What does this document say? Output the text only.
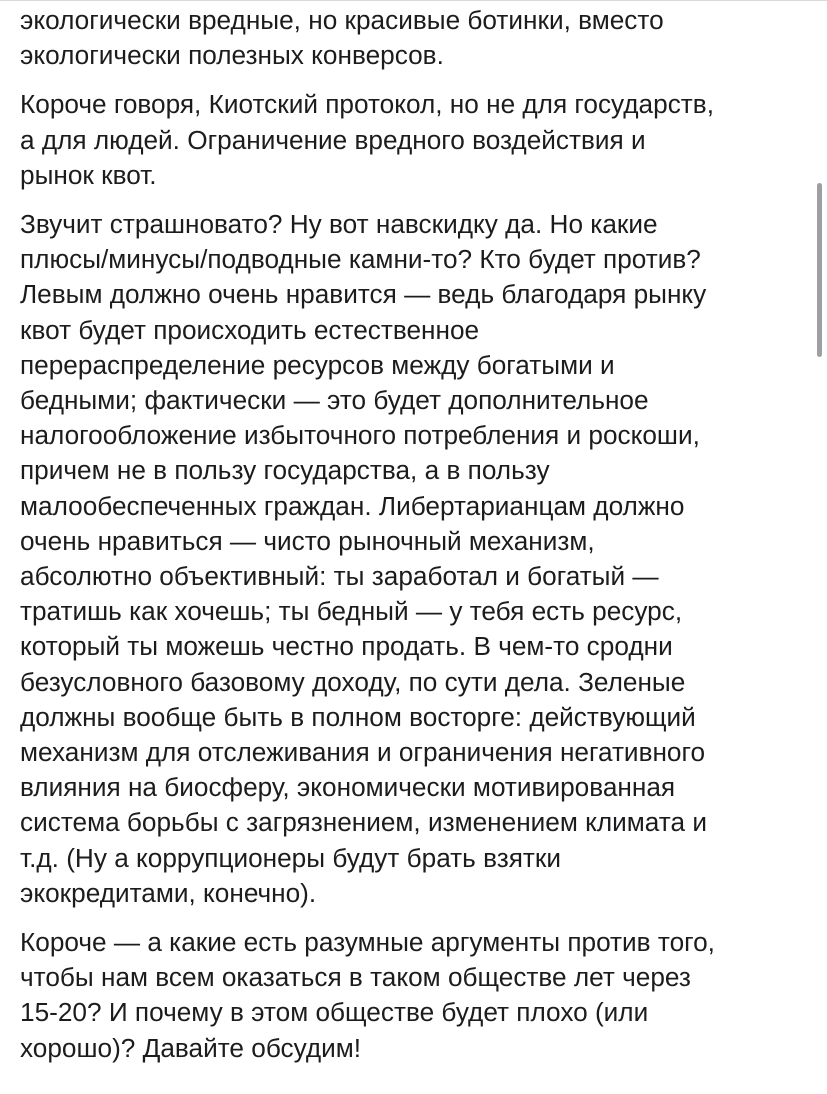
экологически вредные, но красивые ботинки, вместо
экологически полезных конверсов.

Короче говоря, Киотский протокол, но не для государств,
а для людей. Ограничение вредного воздействия и
рынок квот.

Звучит страшновато? Ну вот навскидку да. Но какие
плюсы/минусы/подводные камни-то? Кто будет против?
Левым должно очень нравится — ведь благодаря рынку
квот будет происходить естественное
перераспределение ресурсов между богатыми и
бедными; фактически — это будет дополнительное
налогообложение избыточного потребления и роскоши,
причем не в пользу государства, а в пользу
малообеспеченных граждан. Либертарианцам должно
очень нравиться — чисто рыночный механизм,
абсолютно объективный: ты заработал и богатый —
тратишь как хочешь; ты бедный — у тебя есть ресурс,
который ты можешь честно продать. В чем-то сродни
безусловного базовому доходу, по сути дела. Зеленые
должны вообще быть в полном восторге: действующий
механизм для отслеживания и ограничения негативного
влияния на биосферу, экономически мотивированная
система борьбы с загрязнением, изменением климата и
т.д. (Ну а коррупционеры будут брать взятки
экокредитами, конечно).

Короче — а какие есть разумные аргументы против того,
чтобы нам всем оказаться в таком обществе лет через
15-20? И почему в этом обществе будет плохо (или
хорошо)? Давайте обсудим!
